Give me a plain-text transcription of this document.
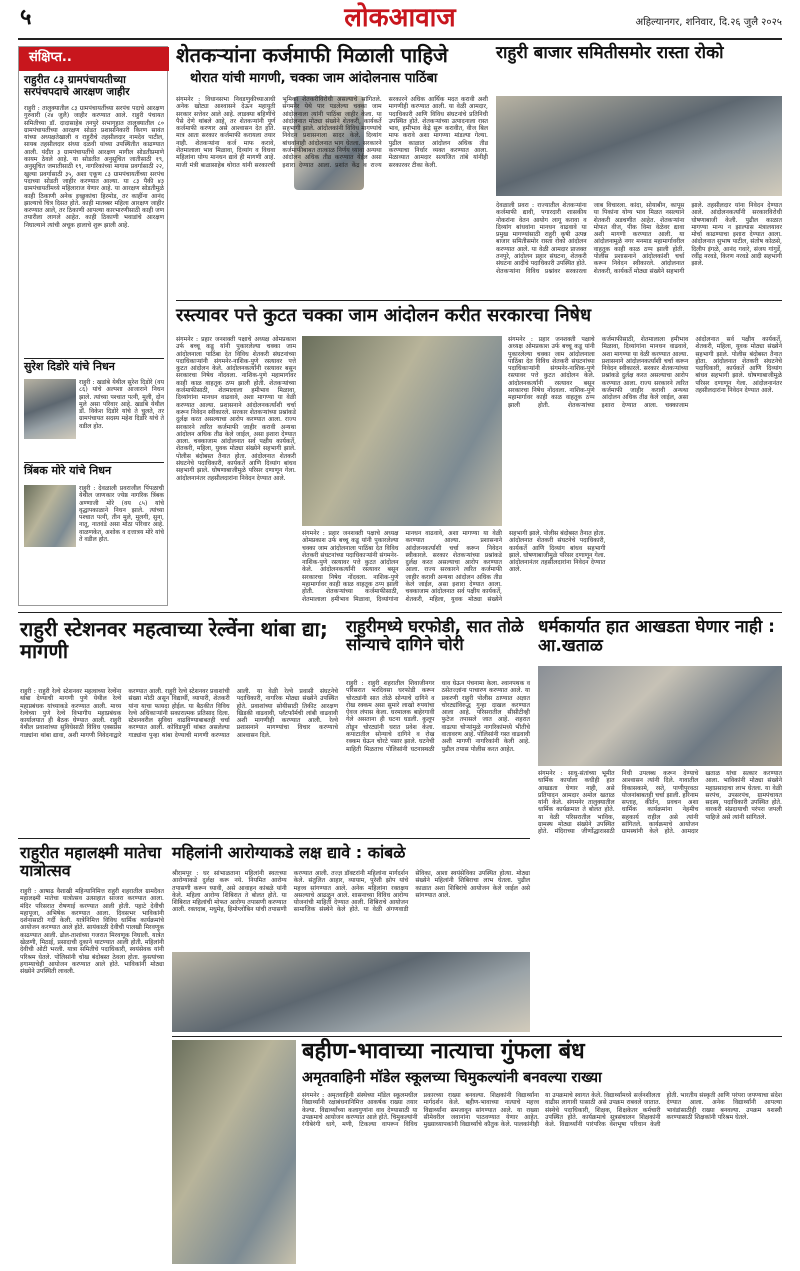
५	लोकआवाज	अहिल्यानगर, शनिवार, दि.२६ जुलै २०२५
संक्षिप्त..
राहुरीत ८३ ग्रामपंचायतीच्या सरपंचपदाचे आरक्षण जाहीर
राहुरी : तालुक्यातील ८३ ग्रामपंचायतींच्या सरपंच पदाचे आरक्षण गुरुवारी (२४ जुलै) जाहीर करण्यात आले. राहुरी पंचायत समितीच्या डॉ. दादासाहेब तनपुरे सभागृहात तालुक्यातील ८० ग्रामपंचायतींच्या आरक्षण सोडत प्रशासनिकारी किरण सावंत यांच्या अध्यक्षतेखाली व राहुरीचे तहसीलदार नामदेव पाटील, सायब तहसीलदार संध्या दळवी यांच्या उपस्थितीत काढण्यात आली. यंदीत ३ ग्रामपंचायतींचे आरक्षण मागील सोडतीप्रमाणे कायम ठेवले आहे. या सोडतीत अनुसूचित जातीसाठी १९, अनुसूचित जमातीसाठी १९, नागरिकांच्या मागास प्रवर्गासाठी २२, खुल्या प्रवर्गासाठी ३५, अशा एकूण ८३ ग्रामपंचायतींच्या सरपंच पदाच्या सोडती जाहीर करण्यात आल्या. या ८३ पैकी ४३ ग्रामपंचायतींमध्ये महिलाराज येणार आहे. या आरक्षण सोडतीमुळे काही ठिकाणी अनेक इच्छुकांचा हिरमोड, तर काहींना आनंद झाल्याचे चित्र दिसत होते. काही मातब्बर महिला आरक्षण जाहीर करण्यात आले, तर ठिकाणी आपल्या कारभारणीसाठी काही जण तयारीला लागले आहेत. काही ठिकाणी भवाडांचे आरक्षण निघाल्याने त्यांची अचूक हालाचे शुरू झाली आहे.
सुरेश दिडोरे यांचे निधन
राहुरी : खडांबे येथील सुरेश दिडोरे (वय ८६) यांचे अल्पशा आजाराने निधन झाले. त्यांच्या पश्चात पत्नी, मुली, दोन मुले असा परिवार आहे. खडांबे येथील डॉ. विकेश दिडोरे यांचे ते चुलते, तर ग्रामपंचायत सदस्य महेश दिडोरे यांचे ते वडील होत.
त्रिंबक मोरे यांचे निधन
राहुरी : देवळाली प्रवराजील पिंपळाची येथील जाणकार ज्येष्ठ नागरिक त्रिंबक अण्णाजी मोरे (वय ८५) यांचे वृद्धापकाळाने निधन झाले. त्यांच्या पश्चात पत्नी, तीन मुले, मुलगी, सुना, नातू, नातवंडे असा मोठा परिवार आहे. वाळणकेत, अशोक व दत्तात्रय मोरे यांचे ते वडील होत.
शेतकऱ्यांना कर्जमाफी मिळाली पाहिजे
थोरात यांची मागणी, चक्का जाम आंदोलनास पाठिंबा
संगमनेर : विधानसभा निवडणुकीच्याआधी अनेक खोट्या आश्वासने देऊन महायुती सरकार सत्तेवर आले आहे. लाडक्या बहिणींचे पैसे देणे थांबले आहे, तर शेतकऱ्यांनी पूर्ण कर्जमाफी करणार असे आश्वासन देत होते. मात्र आता सरकार कर्जमाफी करायला तयार नाही. शेतकऱ्यांना कर्ज माफ करावे, शेतमालाला भाव मिळावा, दिव्यांग व विधवा महिलांना योग्य मानधन द्यावे ही मागणी आहे. माजी मंत्री बाळासाहेब थोरात यांनी सरकारची भूमिका शेतकरीविरोधी असल्याचे सांगितले. संगमनेर येथे पार पडलेल्या चक्का जाम आंदोलनाला त्यांनी पाठिंबा जाहीर केला. या आंदोलनात मोठ्या संख्येने शेतकरी, कार्यकर्ते सहभागी झाले. आंदोलकांनी विविध मागण्यांचे निवेदन प्रशासनाला सादर केले. दिव्यांग बांधवांनाही आंदोलनात भाग घेतला. सरकारने कर्जमाफीबाबत तात्काळ निर्णय घ्यावा अन्यथा आंदोलन अधिक तीव्र करण्यात येईल असा इशारा देण्यात आला. प्रशांत केंद्र व राज्य सरकारने अधिक आर्थिक मदत करावी अशी मागणीही करण्यात आली. या वेळी आमदार, पदाधिकारी आणि विविध संघटनांचे प्रतिनिधी उपस्थित होते. शेतकऱ्यांच्या उत्पादनाला रास्त भाव, हमीभाव केंद्रे सुरू करावीत, वीज बिल माफ करावे अशा मागण्या मांडल्या गेल्या. पुढील काळात आंदोलन अधिक तीव्र करण्याचा निर्धार व्यक्त करण्यात आला. मेळाव्यात आमदार सत्यजित तांबे यांनीही सरकारवर टीका केली.
राहुरी बाजार समितीसमोर रास्ता रोको
देवळाली प्रवरा : राज्यातील शेतकऱ्यांना कर्जमाफी द्यावी, पगारदारी शासकीय नोकरांना वेतन आयोग लागू करावा व दिव्यांग बांधवांना मानधन वाढवावे या प्रमुख मागण्यांसाठी राहुरी कृषी उत्पन्न बाजार समितीसमोर रास्ता रोको आंदोलन करण्यात आले. या वेळी आमदार प्राजक्त तनपुरे, आंदोलन प्रहार संघटना, शेतकरी संघटना आदींचे पदाधिकारी उपस्थित होते. शेतकऱ्यांना विविध प्रश्नांवर सरकारला जाब विचारला. कांदा, सोयाबीन, कापूस या पिकांना योग्य भाव मिळत नसल्याने शेतकरी अडचणीत आहेत. शेतकऱ्यांना मोफत वीज, पीक विमा वेळेवर द्यावा अशी मागणी करण्यात आली. या आंदोलनामुळे नगर मनमाड महामार्गावरील वाहतूक काही काळ ठप्प झाली होती. पोलीस प्रशासनाने आंदोलकांशी चर्चा करून निवेदन स्वीकारले. आंदोलनात शेतकरी, कार्यकर्ते मोठ्या संख्येने सहभागी झाले. तहसीलदार यांना निवेदन देण्यात आले. आंदोलनकर्त्यांनी सरकारविरोधी घोषणाबाजी केली. पुढील काळात मागण्या मान्य न झाल्यास मंत्रालयावर मोर्चा काढण्याचा इशारा देण्यात आला. आंदोलनात सुभाष पाटील, संतोष कोळसे, दिलीप इंगळे, आनंद गवारे, संजय गांगुर्डे, रवींद्र नरवडे, किरण नरवडे आदी सहभागी झाले.
रस्त्यावर पत्ते कुटत चक्का जाम आंदोलन करीत सरकारचा निषेध
संगमनेर : प्रहार जनशक्ती पक्षाचे अध्यक्ष ओमप्रकाश उर्फ बच्चू कडू यांनी पुकारलेल्या चक्का जाम आंदोलनाला पाठिंबा देत विविध शेतकरी संघटनांच्या पदाधिकाऱ्यांनी संगमनेर-नाशिक-पुणे रस्त्यावर पत्ते कुटत आंदोलन केले. आंदोलनकर्त्यांनी रस्त्यावर बसून सरकारचा निषेध नोंदवला. नाशिक-पुणे महामार्गावर काही काळ वाहतूक ठप्प झाली होती. शेतकऱ्यांच्या कर्जमाफीसाठी, शेतमालाला हमीभाव मिळावा, दिव्यांगांना मानधन वाढवावे, अशा मागण्या या वेळी करण्यात आल्या. प्रशासनाने आंदोलनकर्त्यांशी चर्चा करून निवेदन स्वीकारले. सरकार शेतकऱ्यांच्या प्रश्नांकडे दुर्लक्ष करत असल्याचा आरोप करण्यात आला. राज्य सरकारने त्वरित कर्जमाफी जाहीर करावी अन्यथा आंदोलन अधिक तीव्र केले जाईल, असा इशारा देण्यात आला. चक्काजाम आंदोलनात सर्व पक्षीय कार्यकर्ते, शेतकरी, महिला, युवक मोठ्या संख्येने सहभागी झाले. पोलीस बंदोबस्त तैनात होता. आंदोलनात शेतकरी संघटनेचे पदाधिकारी, कार्यकर्ते आणि दिव्यांग बांधव सहभागी झाले. घोषणाबाजीमुळे परिसर दणाणून गेला. आंदोलनानंतर तहसीलदारांना निवेदन देण्यात आले.
संगमनेर : प्रहार जनशक्ती पक्षाचे अध्यक्ष ओमप्रकाश उर्फ बच्चू कडू यांनी पुकारलेल्या चक्का जाम आंदोलनाला पाठिंबा देत विविध शेतकरी संघटनांच्या पदाधिकाऱ्यांनी संगमनेर-नाशिक-पुणे रस्त्यावर पत्ते कुटत आंदोलन केले. आंदोलनकर्त्यांनी रस्त्यावर बसून सरकारचा निषेध नोंदवला. नाशिक-पुणे महामार्गावर काही काळ वाहतूक ठप्प झाली होती. शेतकऱ्यांच्या कर्जमाफीसाठी, शेतमालाला हमीभाव मिळावा, दिव्यांगांना मानधन वाढवावे, अशा मागण्या या वेळी करण्यात आल्या. प्रशासनाने आंदोलनकर्त्यांशी चर्चा करून निवेदन स्वीकारले. सरकार शेतकऱ्यांच्या प्रश्नांकडे दुर्लक्ष करत असल्याचा आरोप करण्यात आला. राज्य सरकारने त्वरित कर्जमाफी जाहीर करावी अन्यथा आंदोलन अधिक तीव्र केले जाईल, असा इशारा देण्यात आला. चक्काजाम आंदोलनात सर्व पक्षीय कार्यकर्ते, शेतकरी, महिला, युवक मोठ्या संख्येने सहभागी झाले. पोलीस बंदोबस्त तैनात होता. आंदोलनात शेतकरी संघटनेचे पदाधिकारी, कार्यकर्ते आणि दिव्यांग बांधव सहभागी झाले. घोषणाबाजीमुळे परिसर दणाणून गेला. आंदोलनानंतर तहसीलदारांना निवेदन देण्यात आले.
संगमनेर : प्रहार जनशक्ती पक्षाचे अध्यक्ष ओमप्रकाश उर्फ बच्चू कडू यांनी पुकारलेल्या चक्का जाम आंदोलनाला पाठिंबा देत विविध शेतकरी संघटनांच्या पदाधिकाऱ्यांनी संगमनेर-नाशिक-पुणे रस्त्यावर पत्ते कुटत आंदोलन केले. आंदोलनकर्त्यांनी रस्त्यावर बसून सरकारचा निषेध नोंदवला. नाशिक-पुणे महामार्गावर काही काळ वाहतूक ठप्प झाली होती. शेतकऱ्यांच्या कर्जमाफीसाठी, शेतमालाला हमीभाव मिळावा, दिव्यांगांना मानधन वाढवावे, अशा मागण्या या वेळी करण्यात आल्या. प्रशासनाने आंदोलनकर्त्यांशी चर्चा करून निवेदन स्वीकारले. सरकार शेतकऱ्यांच्या प्रश्नांकडे दुर्लक्ष करत असल्याचा आरोप करण्यात आला. राज्य सरकारने त्वरित कर्जमाफी जाहीर करावी अन्यथा आंदोलन अधिक तीव्र केले जाईल, असा इशारा देण्यात आला. चक्काजाम आंदोलनात सर्व पक्षीय कार्यकर्ते, शेतकरी, महिला, युवक मोठ्या संख्येने सहभागी झाले. पोलीस बंदोबस्त तैनात होता. आंदोलनात शेतकरी संघटनेचे पदाधिकारी, कार्यकर्ते आणि दिव्यांग बांधव सहभागी झाले. घोषणाबाजीमुळे परिसर दणाणून गेला. आंदोलनानंतर तहसीलदारांना निवेदन देण्यात आले.
राहुरी स्टेशनवर महत्वाच्या रेल्वेंना थांबा द्या; मागणी
राहुरी : राहुरी रेल्वे स्टेशनवर महत्वाच्या रेल्वेंना थांबा देण्याची मागणी पुणे येथील रेल्वे महाप्रबंधक यांच्याकडे करण्यात आली. माध्य रेल्वेच्या पुणे रेल्वे विभागीय महाप्रबंधक कार्यालयात ही बैठक घेण्यात आली. राहुरी येथील प्रवाशांच्या सुविधेसाठी विविध एक्सप्रेस गाड्यांना थांबा द्यावा, अशी मागणी निवेदनाद्वारे करण्यात आली. राहुरी रेल्वे स्टेशनवर प्रवाशांची संख्या मोठी असून विद्यार्थी, व्यापारी, शेतकरी यांना याचा फायदा होईल. या बैठकीत विविध रेल्वे अधिकाऱ्यांनी सकारात्मक प्रतिसाद दिला. स्टेशनवरील सुविधा वाढविण्याबाबतही चर्चा करण्यात आली. कोविडपूर्वी थांबत असलेल्या गाड्यांना पुन्हा थांबा देण्याची मागणी करण्यात आली. या वेळी रेल्वे प्रवासी संघटनेचे पदाधिकारी, नागरिक मोठ्या संख्येने उपस्थित होते. प्रवाशांच्या सोयीसाठी तिकीट आरक्षण खिडकी वाढवावी, प्लॅटफॉर्मची लांबी वाढवावी अशी मागणीही करण्यात आली. रेल्वे प्रशासनाने मागण्यांचा विचार करण्याचे आश्वासन दिले.
राहुरीमध्ये घरफोडी, सात तोळे सोन्याचे दागिने चोरी
राहुरी : राहुरी शहरातील शिवाजीनगर परिसरात भरदिवसा घरफोडी करून चोरट्यांनी सात तोळे सोन्याचे दागिने व रोख रक्कम असा सुमारे लाखो रुपयांचा ऐवज लंपास केला. घरमालक बाहेरगावी गेले असताना ही घटना घडली. कुलूप तोडून चोरट्यांनी घरात प्रवेश केला. कपाटातील सोन्याचे दागिने व रोख रक्कम घेऊन चोरटे पसार झाले. घटनेची माहिती मिळताच पोलिसांनी घटनास्थळी धाव घेऊन पंचनामा केला. श्वानपथक व ठसेतज्ज्ञांना पाचारण करण्यात आले. या प्रकरणी राहुरी पोलीस ठाण्यात अज्ञात चोरट्यांविरुद्ध गुन्हा दाखल करण्यात आला आहे. परिसरातील सीसीटीव्ही फुटेज तपासले जात आहे. शहरात वाढत्या चोऱ्यांमुळे नागरिकांमध्ये भीतीचे वातावरण आहे. पोलिसांनी गस्त वाढवावी अशी मागणी नागरिकांनी केली आहे. पुढील तपास पोलीस करत आहेत.
धर्मकार्यात हात आखडता घेणार नाही : आ.खताळ
संगमनेर : साधु-संतांच्या भूमीत धार्मिक कार्याला कधीही हात आखडता घेणार नाही, असे प्रतिपादन आमदार अमोल खताळ यांनी केले. संगमनेर तालुक्यातील धार्मिक कार्यक्रमात ते बोलत होते. या वेळी परिसरातील भाविक, ग्रामस्थ मोठ्या संख्येने उपस्थित होते. मंदिराच्या जीर्णोद्धारासाठी निधी उपलब्ध करून देण्याचे आश्वासन त्यांनी दिले. गावातील विकासकामे, रस्ते, पाणीपुरवठा योजनांबाबतही चर्चा झाली. हरिनाम सप्ताह, कीर्तन, प्रवचन अशा धार्मिक कार्यक्रमांना नेहमीच सहकार्य राहील असे त्यांनी सांगितले. कार्यक्रमाचे आयोजन ग्रामस्थांनी केले होते. आमदार खताळ यांचा सत्कार करण्यात आला. भाविकांनी मोठ्या संख्येने महाप्रसादाचा लाभ घेतला. या वेळी सरपंच, उपसरपंच, ग्रामपंचायत सदस्य, पदाधिकारी उपस्थित होते. वारकरी संप्रदायाची परंपरा जपली पाहिजे असे त्यांनी सांगितले.
राहुरीत महालक्ष्मी मातेचा यात्रोत्सव
राहुरी : आषाढ वैशाखी महिन्यानिमित्त राहुरी शहरातील ग्रामदैवत महालक्ष्मी मातेचा यात्रोत्सव उत्साहात साजरा करण्यात आला. मंदिर परिसरात रोषणाई करण्यात आली होती. पहाटे देवीची महापूजा, अभिषेक करण्यात आला. दिवसभर भाविकांनी दर्शनासाठी गर्दी केली. यात्रेनिमित्त विविध धार्मिक कार्यक्रमांचे आयोजन करण्यात आले होते. सायंकाळी देवीची पालखी मिरवणूक काढण्यात आली. ढोल-ताशांच्या गजरात मिरवणूक निघाली. यात्रेत खेळणी, मिठाई, प्रसादाची दुकाने थाटण्यात आली होती. महिलांनी देवीची ओटी भरली. यात्रा समितीचे पदाधिकारी, स्वयंसेवक यांनी परिश्रम घेतले. पोलिसांनी चोख बंदोबस्त ठेवला होता. कुस्त्यांच्या हगाम्याचेही आयोजन करण्यात आले होते. भाविकांनी मोठ्या संख्येने उपस्थिती लावली.
महिलांनी आरोग्याकडे लक्ष द्यावे : कांबळे
श्रीरामपूर : घर सांभाळताना महिलांनी स्वतःच्या आरोग्याकडे दुर्लक्ष करू नये. नियमित आरोग्य तपासणी करून घ्यावी, असे आवाहन कांबळे यांनी केले. महिला आरोग्य शिबिरात ते बोलत होते. या शिबिरात महिलांची मोफत आरोग्य तपासणी करण्यात आली. रक्तदाब, मधुमेह, हिमोग्लोबिन यांची तपासणी करण्यात आली. तज्ज्ञ डॉक्टरांनी महिलांना मार्गदर्शन केले. संतुलित आहार, व्यायाम, पुरेशी झोप यांचे महत्त्व सांगण्यात आले. अनेक महिलांना रक्तक्षय असल्याचे आढळून आले. शासनाच्या विविध आरोग्य योजनांची माहिती देण्यात आली. शिबिराचे आयोजन सामाजिक संस्थेने केले होते. या वेळी अंगणवाडी सेविका, आशा स्वयंसेविका उपस्थित होत्या. मोठ्या संख्येने महिलांनी शिबिराचा लाभ घेतला. पुढील काळात अशा शिबिरांचे आयोजन केले जाईल असे सांगण्यात आले.
बहीण-भावाच्या नात्याचा गुंफला बंध
अमृतवाहिनी मॉडेल स्कूलच्या चिमुकल्यांनी बनवल्या राख्या
संगमनेर : अमृतवाहिनी संस्थेच्या मॉडेल स्कूलमधील विद्यार्थ्यांनी रक्षाबंधनानिमित्त आकर्षक राख्या तयार केल्या. विद्यार्थ्यांच्या कलागुणांना वाव देण्यासाठी या उपक्रमाचे आयोजन करण्यात आले होते. चिमुकल्यांनी रंगीबेरंगी धागे, मणी, टिकल्या वापरून विविध प्रकारच्या राख्या बनवल्या. शिक्षकांनी विद्यार्थ्यांना मार्गदर्शन केले. बहीण-भावाच्या नात्याचे महत्त्व विद्यार्थ्यांना समजावून सांगण्यात आले. या राख्या सीमेवरील जवानांना पाठवण्यात येणार आहेत. मुख्याध्यापकांनी विद्यार्थ्यांचे कौतुक केले. पालकांनीही या उपक्रमाचे स्वागत केले. विद्यार्थ्यांमध्ये सर्जनशीलता वाढीस लागावी यासाठी असे उपक्रम राबवले जातात. संस्थेचे पदाधिकारी, शिक्षक, शिक्षकेतर कर्मचारी उपस्थित होते. कार्यक्रमाचे सूत्रसंचालन शिक्षकांनी केले. विद्यार्थ्यांनी पारंपरिक वेशभूषा परिधान केली होती. भारतीय संस्कृती आणि परंपरा जपण्याचा संदेश देण्यात आला. अनेक विद्यार्थ्यांनी आपल्या भावंडांसाठीही राख्या बनवल्या. उपक्रम यशस्वी करण्यासाठी शिक्षकांनी परिश्रम घेतले.
